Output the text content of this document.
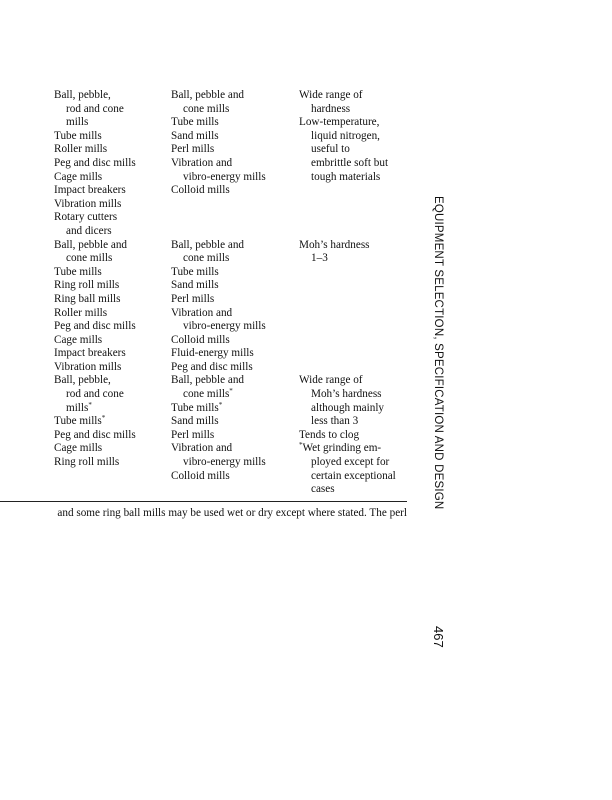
Ball, pebble,
rod and cone
mills
Tube mills
Roller mills
Peg and disc mills
Cage mills
Impact breakers
Vibration mills
Rotary cutters
and dicers
Ball, pebble and
cone mills
Tube mills
Ring roll mills
Ring ball mills
Roller mills
Peg and disc mills
Cage mills
Impact breakers
Vibration mills
Ball, pebble,
rod and cone
mills*
Tube mills*
Peg and disc mills
Cage mills
Ring roll mills
Ball, pebble and
cone mills
Tube mills
Sand mills
Perl mills
Vibration and
vibro-energy mills
Colloid mills

Ball, pebble and
cone mills
Tube mills
Sand mills
Perl mills
Vibration and
vibro-energy mills
Colloid mills
Fluid-energy mills
Peg and disc mills
Ball, pebble and
cone mills*
Tube mills*
Sand mills
Perl mills
Vibration and
vibro-energy mills
Colloid mills
Wide range of
hardness
Low-temperature,
liquid nitrogen,
useful to
embrittle soft but
tough materials

Moh’s hardness
1–3

Wide range of
Moh’s hardness
although mainly
less than 3
Tends to clog
*Wet grinding em-
ployed except for
certain exceptional
cases
and some ring ball mills may be used wet or dry except where stated. The perl
EQUIPMENT SELECTION, SPECIFICATION AND DESIGN
467
